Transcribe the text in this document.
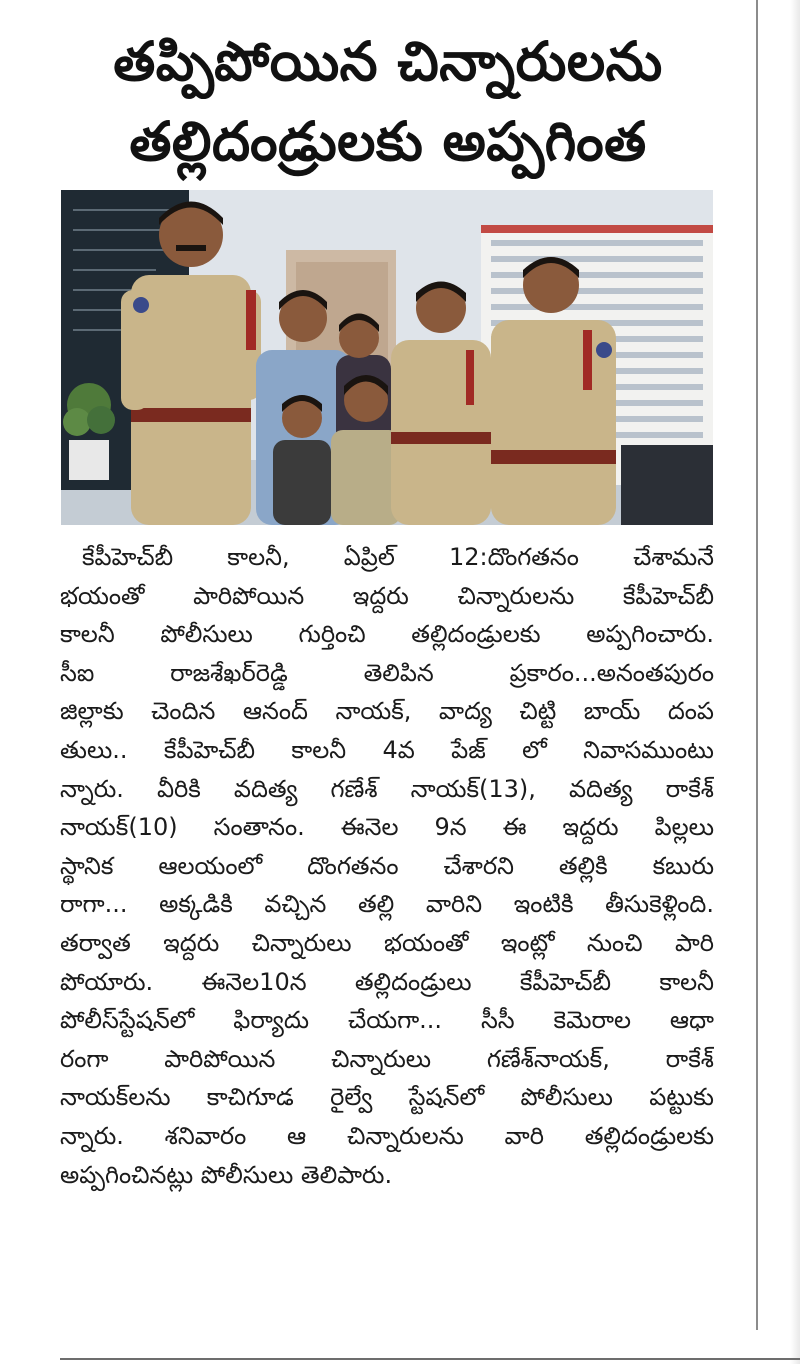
తప్పిపోయిన చిన్నారులను
తల్లిదండ్రులకు అప్పగింత
కేపీహెచ్‌బీ కాలనీ, ఏప్రిల్ 12:దొంగతనం చేశామనే
భయంతో పారిపోయిన ఇద్దరు చిన్నారులను కేపీహెచ్‌బీ
కాలనీ పోలీసులు గుర్తించి తల్లిదండ్రులకు అప్పగించారు.
సీఐ రాజశేఖర్‌రెడ్డి తెలిపిన ప్రకారం...అనంతపురం
జిల్లాకు చెందిన ఆనంద్ నాయక్, వాద్య చిట్టి బాయ్ దంప
తులు.. కేపీహెచ్‌బీ కాలనీ 4వ పేజ్ లో నివాసముంటు
న్నారు. వీరికి వదిత్య గణేశ్ నాయక్(13), వదిత్య రాకేశ్
నాయక్(10) సంతానం. ఈనెల 9న ఈ ఇద్దరు పిల్లలు
స్థానిక ఆలయంలో దొంగతనం చేశారని తల్లికి కబురు
రాగా... అక్కడికి వచ్చిన తల్లి వారిని ఇంటికి తీసుకెళ్లింది.
తర్వాత ఇద్దరు చిన్నారులు భయంతో ఇంట్లో నుంచి పారి
పోయారు. ఈనెల10న తల్లిదండ్రులు కేపీహెచ్‌బీ కాలనీ
పోలీస్‌స్టేషన్‌లో ఫిర్యాదు చేయగా... సీసీ కెమెరాల ఆధా
రంగా పారిపోయిన చిన్నారులు గణేశ్‌నాయక్, రాకేశ్
నాయక్‌లను కాచిగూడ రైల్వే స్టేషన్‌లో పోలీసులు పట్టుకు
న్నారు. శనివారం ఆ చిన్నారులను వారి తల్లిదండ్రులకు
అప్పగించినట్లు పోలీసులు తెలిపారు.
